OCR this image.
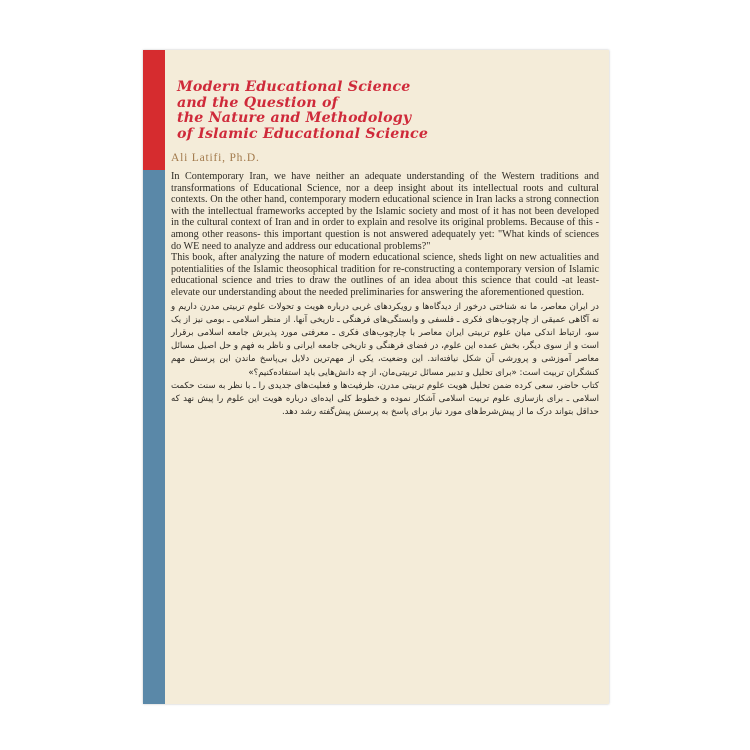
Modern Educational Science
and the Question of
the Nature and Methodology
of Islamic Educational Science
Ali Latifi, Ph.D.

In Contemporary Iran, we have neither an adequate understanding of the Western traditions and transformations of Educational Science, nor a deep insight about its intellectual roots and cultural contexts. On the other hand, contemporary modern educational science in Iran lacks a strong connection with the intellectual frameworks accepted by the Islamic society and most of it has not been developed in the cultural context of Iran and in order to explain and resolve its original problems. Because of this -among other reasons- this important question is not answered adequately yet: "What kinds of sciences do WE need to analyze and address our educational problems?"

This book, after analyzing the nature of modern educational science, sheds light on new actualities and potentialities of the Islamic theosophical tradition for re-constructing a contemporary version of Islamic educational science and tries to draw the outlines of an idea about this science that could -at least- elevate our understanding about the needed preliminaries for answering the aforementioned question.

در ایران معاصر، ما نه شناختی درخور از دیدگاه‌ها و رویکردهای غربی درباره هویت و تحولات علوم تربیتی مدرن داریم و نه آگاهی عمیقی از چارچوب‌های فکری ـ فلسفی و وابستگی‌های فرهنگی ـ تاریخی آنها. از منظر اسلامی ـ بومی نیز از یک سو، ارتباط اندکی میان علوم تربیتی ایران معاصر با چارچوب‌های فکری ـ معرفتی مورد پذیرش جامعه اسلامی برقرار است و از سوی دیگر، بخش عمده این علوم، در فضای فرهنگی و تاریخی جامعه ایرانی و ناظر به فهم و حل اصیل مسائل معاصر آموزشی و پرورشی آن شکل نیافته‌اند. این وضعیت، یکی از مهم‌ترین دلایل بی‌پاسخ ماندن این پرسش مهم کنشگران تربیت است: «برای تحلیل و تدبیر مسائل تربیتی‌مان، از چه دانش‌هایی باید استفاده‌کنیم؟»

کتاب حاضر، سعی کرده ضمن تحلیل هویت علوم تربیتی مدرن، ظرفیت‌ها و فعلیت‌های جدیدی را ـ با نظر به سنت حکمت اسلامی ـ برای بازسازی علوم تربیت اسلامی آشکار نموده و خطوط کلی ایده‌ای درباره هویت این علوم را پیش نهد که حداقل بتواند درک ما از پیش‌شرط‌های مورد نیاز برای پاسخ به پرسش پیش‌گفته رشد دهد.
